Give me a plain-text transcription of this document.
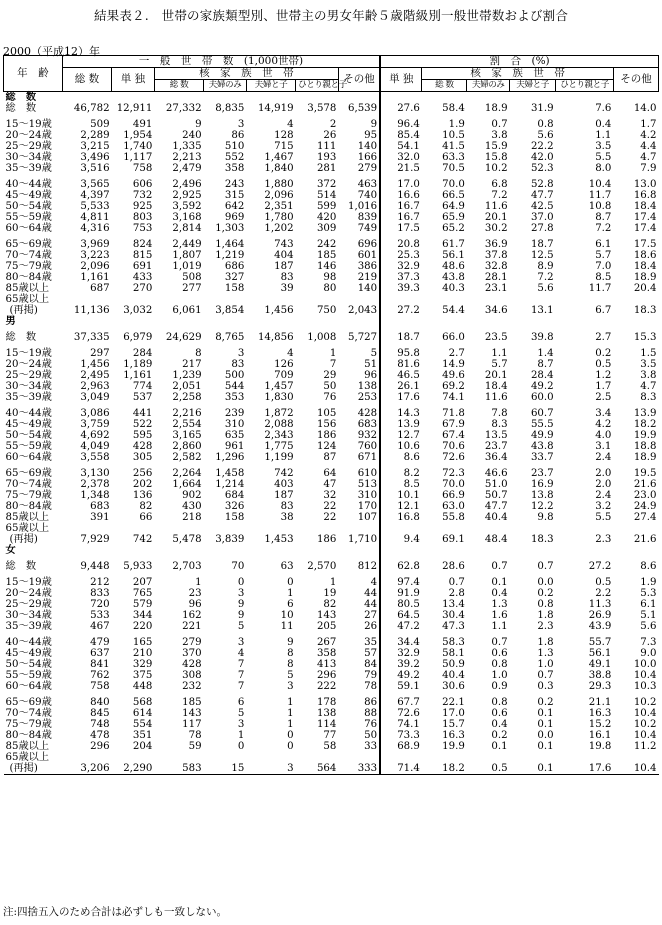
結果表２.　世帯の家族類型別、世帯主の男女年齢５歳階級別一般世帯数および割合
2000（平成12）年
年　齢	一　般　世　帯　数　(1,000世帯)							割　合　(%)					
	総 数	単 独	核　家　族　世　帯				その他	単 独	核　家　族　世　帯				その他
			総 数	夫婦のみ	夫婦と子	ひとり親と子			総 数	夫婦のみ	夫婦と子	ひとり親と子	
総　数													
総　数	46,782	12,911	27,332	8,835	14,919	3,578	6,539	27.6	58.4	18.9	31.9	7.6	14.0
15～19歳	509	491	9	3	4	2	9	96.4	1.9	0.7	0.8	0.4	1.7
20～24歳	2,289	1,954	240	86	128	26	95	85.4	10.5	3.8	5.6	1.1	4.2
25～29歳	3,215	1,740	1,335	510	715	111	140	54.1	41.5	15.9	22.2	3.5	4.4
30～34歳	3,496	1,117	2,213	552	1,467	193	166	32.0	63.3	15.8	42.0	5.5	4.7
35～39歳	3,516	758	2,479	358	1,840	281	279	21.5	70.5	10.2	52.3	8.0	7.9
40～44歳	3,565	606	2,496	243	1,880	372	463	17.0	70.0	6.8	52.8	10.4	13.0
45～49歳	4,397	732	2,925	315	2,096	514	740	16.6	66.5	7.2	47.7	11.7	16.8
50～54歳	5,533	925	3,592	642	2,351	599	1,016	16.7	64.9	11.6	42.5	10.8	18.4
55～59歳	4,811	803	3,168	969	1,780	420	839	16.7	65.9	20.1	37.0	8.7	17.4
60～64歳	4,316	753	2,814	1,303	1,202	309	749	17.5	65.2	30.2	27.8	7.2	17.4
65～69歳	3,969	824	2,449	1,464	743	242	696	20.8	61.7	36.9	18.7	6.1	17.5
70～74歳	3,223	815	1,807	1,219	404	185	601	25.3	56.1	37.8	12.5	5.7	18.6
75～79歳	2,096	691	1,019	686	187	146	386	32.9	48.6	32.8	8.9	7.0	18.4
80～84歳	1,161	433	508	327	83	98	219	37.3	43.8	28.1	7.2	8.5	18.9
85歳以上	687	270	277	158	39	80	140	39.3	40.3	23.1	5.6	11.7	20.4

65歳以上
(再掲)	11,136	3,032	6,061	3,854	1,456	750	2,043	27.2	54.4	34.6	13.1	6.7	18.3
男													
総　数	37,335	6,979	24,629	8,765	14,856	1,008	5,727	18.7	66.0	23.5	39.8	2.7	15.3
15～19歳	297	284	8	3	4	1	5	95.8	2.7	1.1	1.4	0.2	1.5
20～24歳	1,456	1,189	217	83	126	7	51	81.6	14.9	5.7	8.7	0.5	3.5
25～29歳	2,495	1,161	1,239	500	709	29	96	46.5	49.6	20.1	28.4	1.2	3.8
30～34歳	2,963	774	2,051	544	1,457	50	138	26.1	69.2	18.4	49.2	1.7	4.7
35～39歳	3,049	537	2,258	353	1,830	76	253	17.6	74.1	11.6	60.0	2.5	8.3
40～44歳	3,086	441	2,216	239	1,872	105	428	14.3	71.8	7.8	60.7	3.4	13.9
45～49歳	3,759	522	2,554	310	2,088	156	683	13.9	67.9	8.3	55.5	4.2	18.2
50～54歳	4,692	595	3,165	635	2,343	186	932	12.7	67.4	13.5	49.9	4.0	19.9
55～59歳	4,049	428	2,860	961	1,775	124	760	10.6	70.6	23.7	43.8	3.1	18.8
60～64歳	3,558	305	2,582	1,296	1,199	87	671	8.6	72.6	36.4	33.7	2.4	18.9
65～69歳	3,130	256	2,264	1,458	742	64	610	8.2	72.3	46.6	23.7	2.0	19.5
70～74歳	2,378	202	1,664	1,214	403	47	513	8.5	70.0	51.0	16.9	2.0	21.6
75～79歳	1,348	136	902	684	187	32	310	10.1	66.9	50.7	13.8	2.4	23.0
80～84歳	683	82	430	326	83	22	170	12.1	63.0	47.7	12.2	3.2	24.9
85歳以上	391	66	218	158	38	22	107	16.8	55.8	40.4	9.8	5.5	27.4

65歳以上
(再掲)	7,929	742	5,478	3,839	1,453	186	1,710	9.4	69.1	48.4	18.3	2.3	21.6
女													
総　数	9,448	5,933	2,703	70	63	2,570	812	62.8	28.6	0.7	0.7	27.2	8.6
15～19歳	212	207	1	0	0	1	4	97.4	0.7	0.1	0.0	0.5	1.9
20～24歳	833	765	23	3	1	19	44	91.9	2.8	0.4	0.2	2.2	5.3
25～29歳	720	579	96	9	6	82	44	80.5	13.4	1.3	0.8	11.3	6.1
30～34歳	533	344	162	9	10	143	27	64.5	30.4	1.6	1.8	26.9	5.1
35～39歳	467	220	221	5	11	205	26	47.2	47.3	1.1	2.3	43.9	5.6
40～44歳	479	165	279	3	9	267	35	34.4	58.3	0.7	1.8	55.7	7.3
45～49歳	637	210	370	4	8	358	57	32.9	58.1	0.6	1.3	56.1	9.0
50～54歳	841	329	428	7	8	413	84	39.2	50.9	0.8	1.0	49.1	10.0
55～59歳	762	375	308	7	5	296	79	49.2	40.4	1.0	0.7	38.8	10.4
60～64歳	758	448	232	7	3	222	78	59.1	30.6	0.9	0.3	29.3	10.3
65～69歳	840	568	185	6	1	178	86	67.7	22.1	0.8	0.2	21.1	10.2
70～74歳	845	614	143	5	1	138	88	72.6	17.0	0.6	0.1	16.3	10.4
75～79歳	748	554	117	3	1	114	76	74.1	15.7	0.4	0.1	15.2	10.2
80～84歳	478	351	78	1	0	77	50	73.3	16.3	0.2	0.0	16.1	10.4
85歳以上	296	204	59	0	0	58	33	68.9	19.9	0.1	0.1	19.8	11.2

65歳以上
(再掲)	3,206	2,290	583	15	3	564	333	71.4	18.2	0.5	0.1	17.6	10.4
注:四捨五入のため合計は必ずしも一致しない。
